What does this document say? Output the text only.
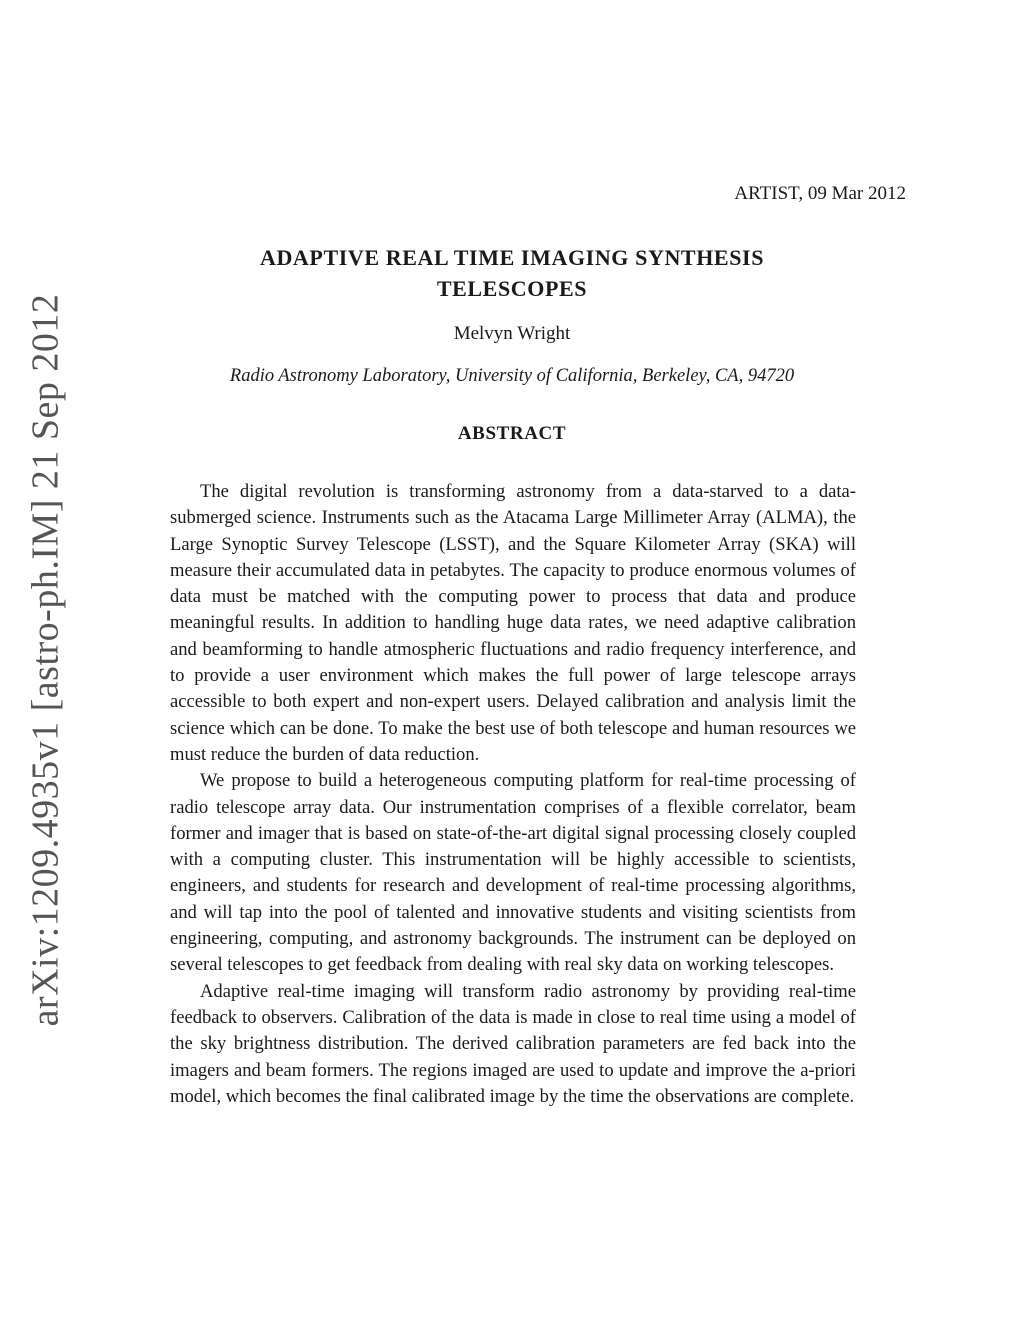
arXiv:1209.4935v1 [astro-ph.IM] 21 Sep 2012
ARTIST, 09 Mar 2012
ADAPTIVE REAL TIME IMAGING SYNTHESIS
TELESCOPES
Melvyn Wright
Radio Astronomy Laboratory, University of California, Berkeley, CA, 94720
ABSTRACT

The digital revolution is transforming astronomy from a data-starved to a data-submerged science. Instruments such as the Atacama Large Millimeter Array (ALMA), the Large Synoptic Survey Telescope (LSST), and the Square Kilometer Array (SKA) will measure their accumulated data in petabytes. The capacity to produce enormous volumes of data must be matched with the computing power to process that data and produce meaningful results. In addition to handling huge data rates, we need adaptive calibration and beamforming to handle atmospheric fluctuations and radio frequency interference, and to provide a user environment which makes the full power of large telescope arrays accessible to both expert and non-expert users. Delayed calibration and analysis limit the science which can be done. To make the best use of both telescope and human resources we must reduce the burden of data reduction.

We propose to build a heterogeneous computing platform for real-time processing of radio telescope array data. Our instrumentation comprises of a flexible correlator, beam former and imager that is based on state-of-the-art digital signal processing closely coupled with a computing cluster. This instrumentation will be highly accessible to scientists, engineers, and students for research and development of real-time processing algorithms, and will tap into the pool of talented and innovative students and visiting scientists from engineering, computing, and astronomy backgrounds. The instrument can be deployed on several telescopes to get feedback from dealing with real sky data on working telescopes.

Adaptive real-time imaging will transform radio astronomy by providing real-time feedback to observers. Calibration of the data is made in close to real time using a model of the sky brightness distribution. The derived calibration parameters are fed back into the imagers and beam formers. The regions imaged are used to update and improve the a-priori model, which becomes the final calibrated image by the time the observations are complete.
